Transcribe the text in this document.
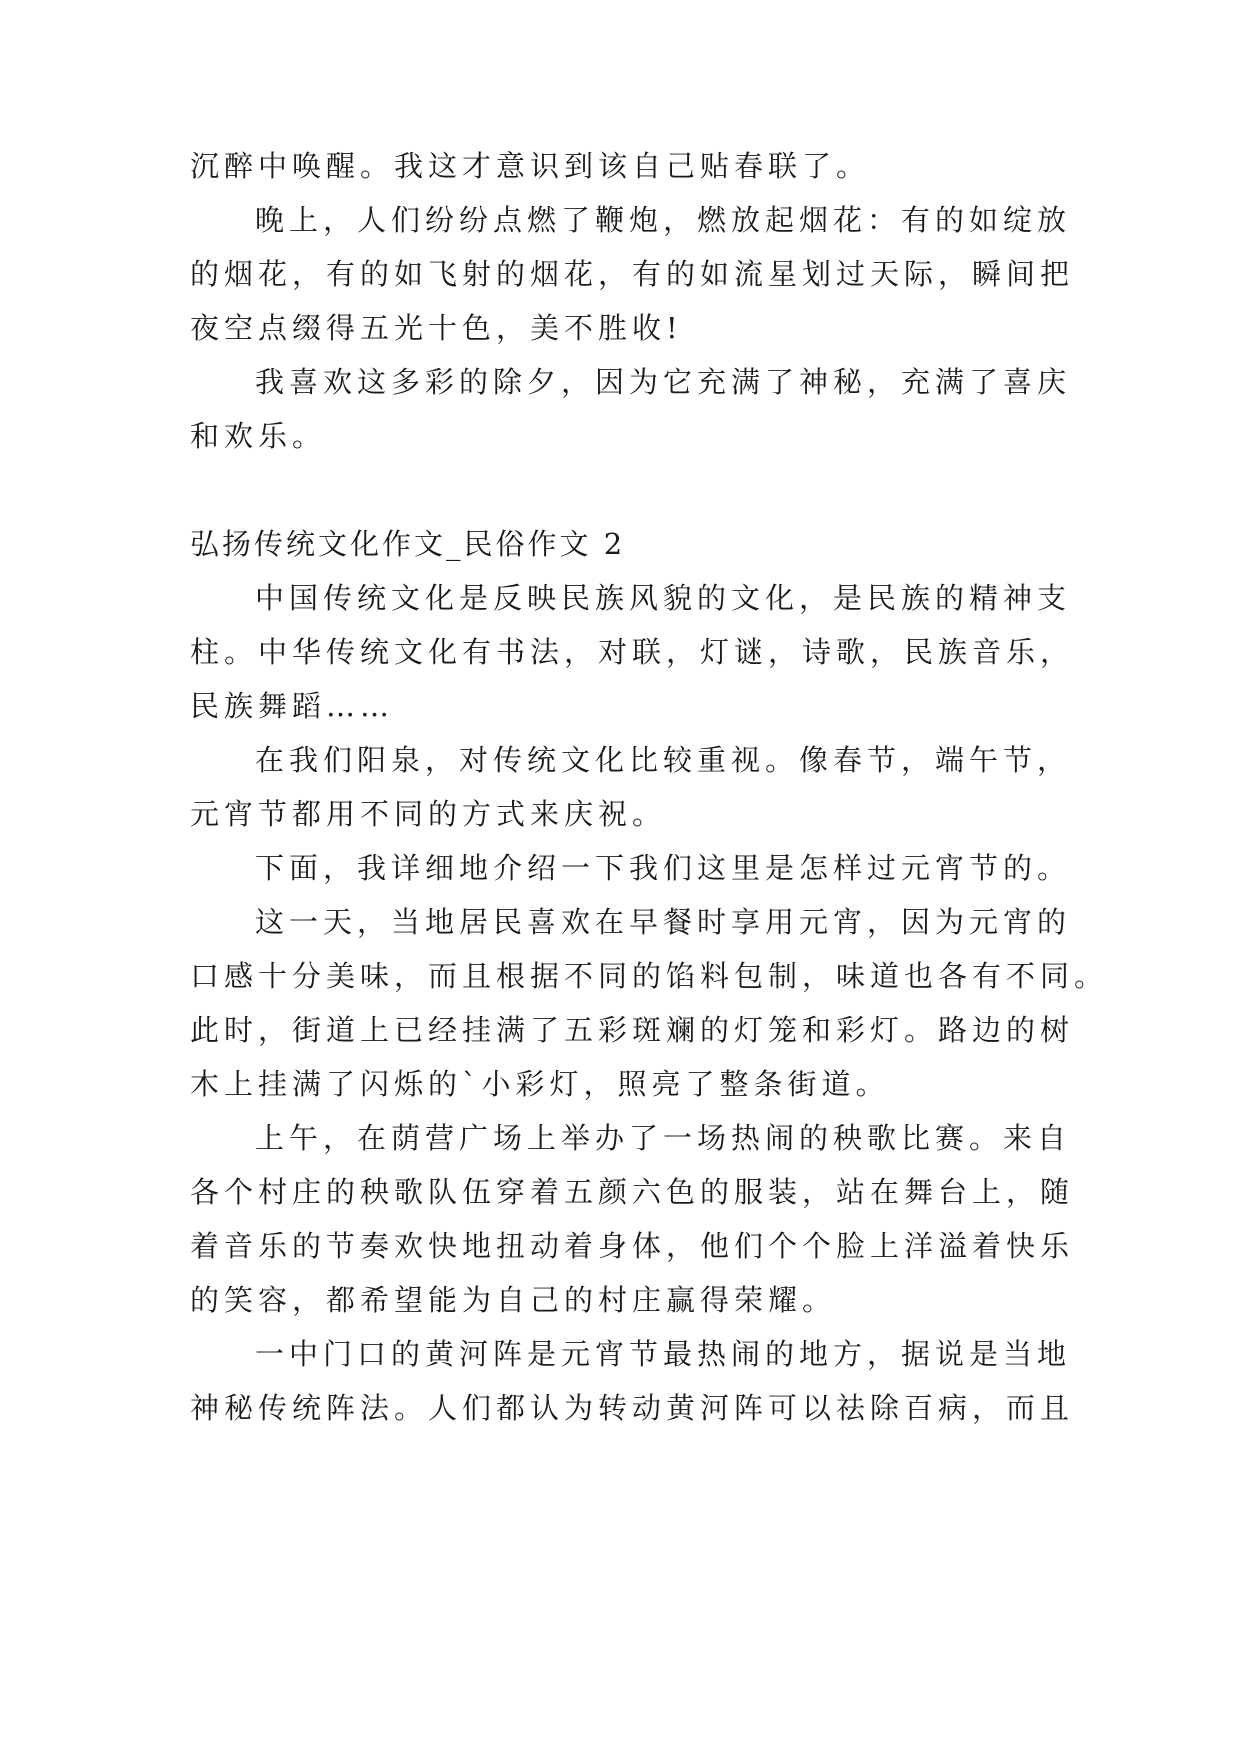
沉醉中唤醒。我这才意识到该自己贴春联了。
晚上，人们纷纷点燃了鞭炮，燃放起烟花：有的如绽放
的烟花，有的如飞射的烟花，有的如流星划过天际，瞬间把
夜空点缀得五光十色，美不胜收!
我喜欢这多彩的除夕，因为它充满了神秘，充满了喜庆
和欢乐。
弘扬传统文化作文_民俗作文 2
中国传统文化是反映民族风貌的文化，是民族的精神支
柱。中华传统文化有书法，对联，灯谜，诗歌，民族音乐，
民族舞蹈……
在我们阳泉，对传统文化比较重视。像春节，端午节，
元宵节都用不同的方式来庆祝。
下面，我详细地介绍一下我们这里是怎样过元宵节的。
这一天，当地居民喜欢在早餐时享用元宵，因为元宵的
口感十分美味，而且根据不同的馅料包制，味道也各有不同。
此时，街道上已经挂满了五彩斑斓的灯笼和彩灯。路边的树
木上挂满了闪烁的`小彩灯，照亮了整条街道。
上午，在荫营广场上举办了一场热闹的秧歌比赛。来自
各个村庄的秧歌队伍穿着五颜六色的服装，站在舞台上，随
着音乐的节奏欢快地扭动着身体，他们个个脸上洋溢着快乐
的笑容，都希望能为自己的村庄赢得荣耀。
一中门口的黄河阵是元宵节最热闹的地方，据说是当地
神秘传统阵法。人们都认为转动黄河阵可以祛除百病，而且
